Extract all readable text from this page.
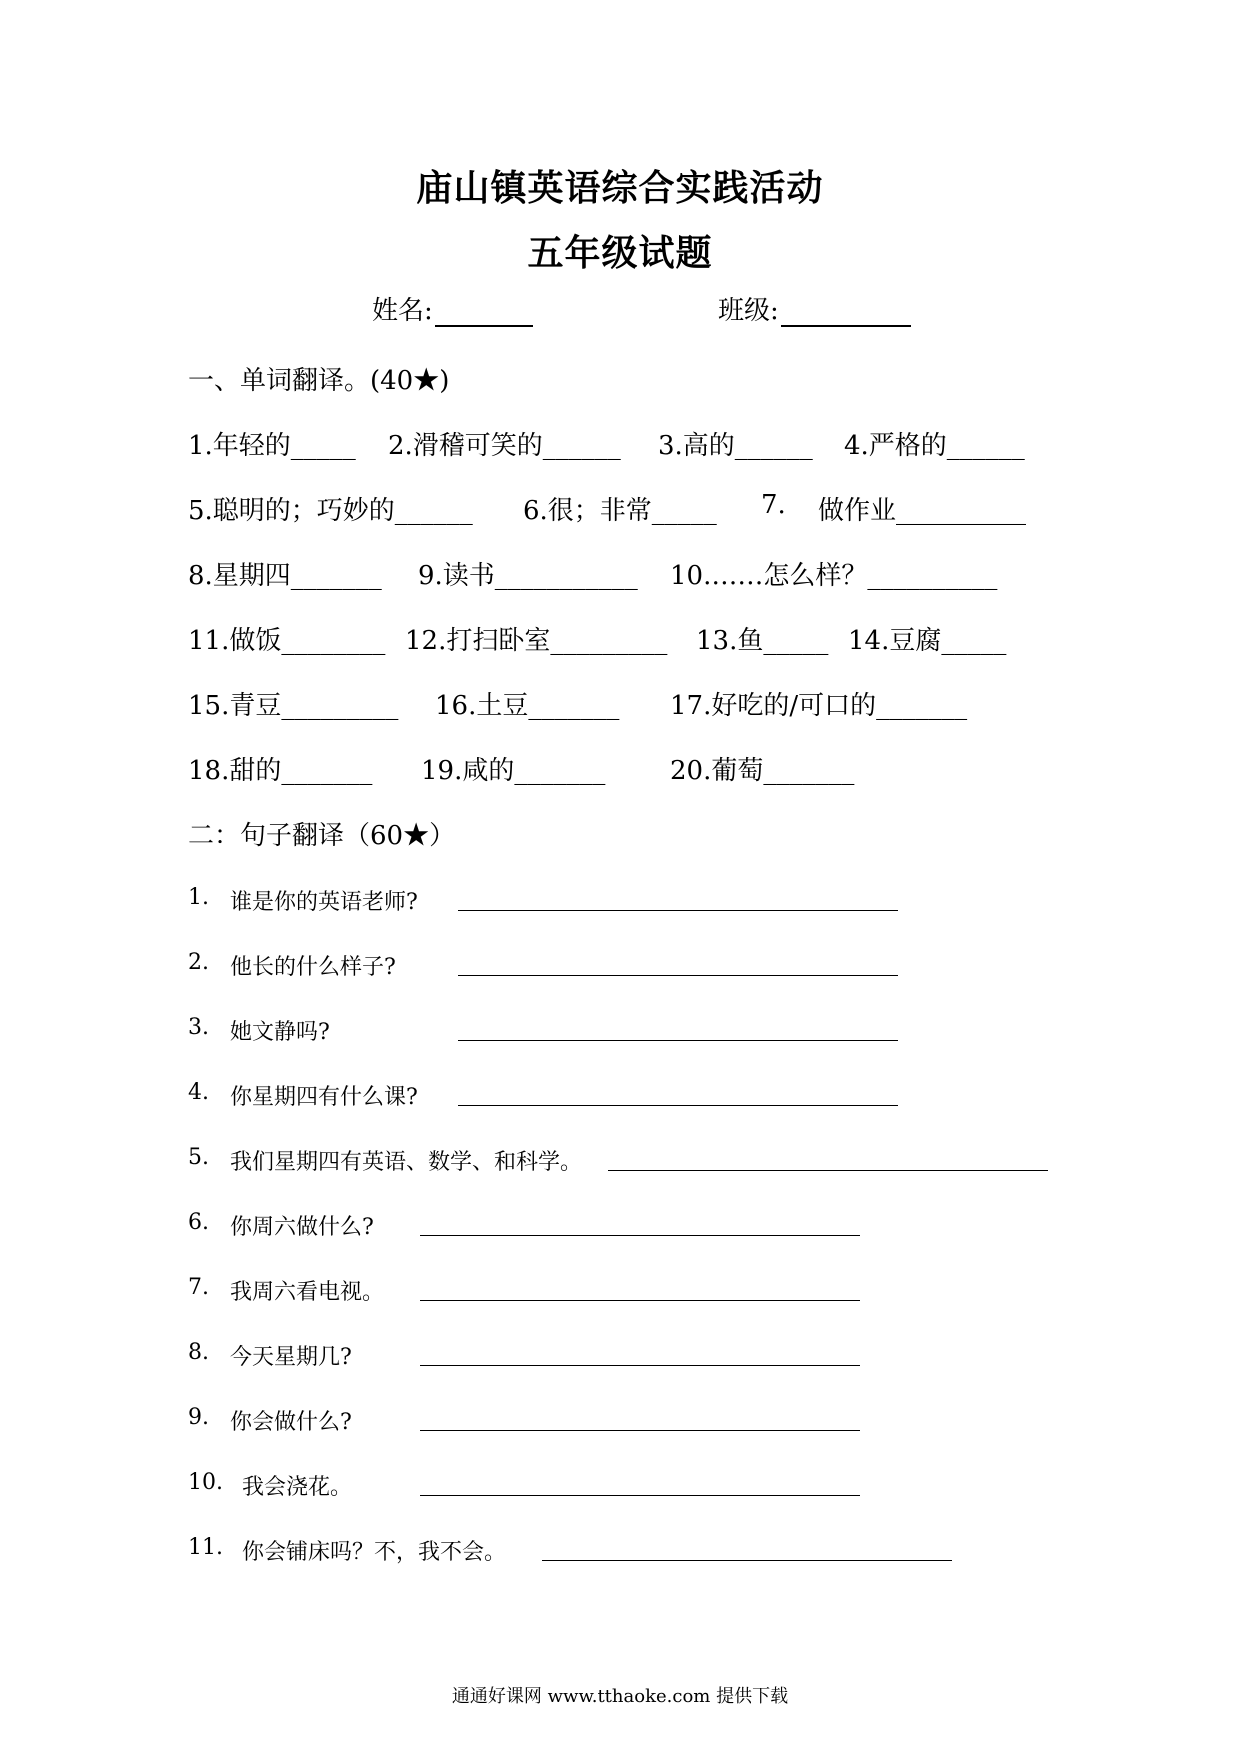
庙山镇英语综合实践活动
五年级试题
姓名:	班级:
一、单词翻译。(40★)
1.年轻的_____ 2.滑稽可笑的______ 3.高的______ 4.严格的______
5.聪明的；巧妙的______ 6.很；非常_____ 7. 做作业__________
8.星期四_______ 9.读书___________ 10.……怎么样？__________
11.做饭________ 12.打扫卧室_________ 13.鱼_____ 14.豆腐_____
15.青豆_________ 16.土豆_______ 17.好吃的/可口的_______
18.甜的_______ 19.咸的_______ 20.葡萄_______
二：句子翻译（60★）
1. 谁是你的英语老师?
2. 他长的什么样子?
3. 她文静吗?
4. 你星期四有什么课?
5. 我们星期四有英语、数学、和科学。
6. 你周六做什么?
7. 我周六看电视。
8. 今天星期几?
9. 你会做什么?
10. 我会浇花。
11. 你会铺床吗？不，我不会。
通通好课网 www.tthaoke.com 提供下载
